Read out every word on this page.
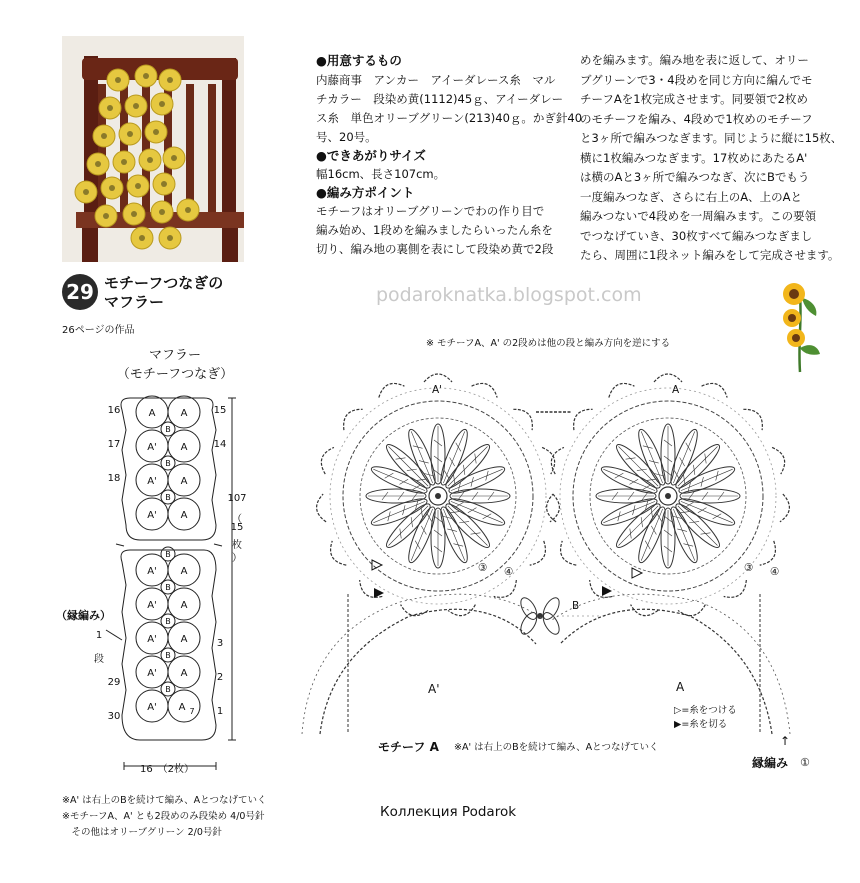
●用意するもの
内藤商事　アンカー　アイーダレース糸　マル
チカラー　段染め黄(1112)45ｇ、アイーダレー
ス糸　単色オリーブグリーン(213)40ｇ。かぎ針40
号、20号。
●できあがりサイズ
幅16cm、長さ107cm。
●編み方ポイント
モチーフはオリーブグリーンでわの作り目で
編み始め、1段めを編みましたらいったん糸を
切り、編み地の裏側を表にして段染め黄で2段
めを編みます。編み地を表に返して、オリー
ブグリーンで3・4段めを同じ方向に編んでモ
チーフAを1枚完成させます。同要領で2枚め
のモチーフを編み、4段めで1枚めのモチーフ
と3ヶ所で編みつなぎます。同じように縦に15枚、
横に1枚編みつなぎます。17枚めにあたるA'
は横のAと3ヶ所で編みつなぎ、次にBでもう
一度編みつなぎ、さらに右上のA、上のAと
編みつないで4段めを一周編みます。この要領
でつなげていき、30枚すべて編みつなぎまし
たら、周囲に1段ネット編みをして完成させます。
29 モチーフつなぎの
マフラー
26ページの作品
podaroknatka.blogspot.com
マフラー
（モチーフつなぎ）
A	A
A' A
A' A
A' A
B
B
B
B
A' A
A' A
A' A
A' A
A' A
B
B
B
B
7
16
17
18
15
14
29
30
3
2
1
（縁編み）
1
段
107
（
15
枚
）
16　（2枚）
※A' は右上のBを続けて編み、Aとつなげていく
※モチーフA、A' とも2段めのみ段染め 4/0号針
　その他はオリーブグリーン 2/0号針
※ モチーフA、A' の2段めは他の段と編み方向を逆にする
A'	A
B
③ ④	③ ④
A'	A
▷=糸をつける
▶=糸を切る
モチーフ A ※A' は右上のBを続けて編み、Aとつなげていく	↑
縁編み ①
Коллекция Podarok
